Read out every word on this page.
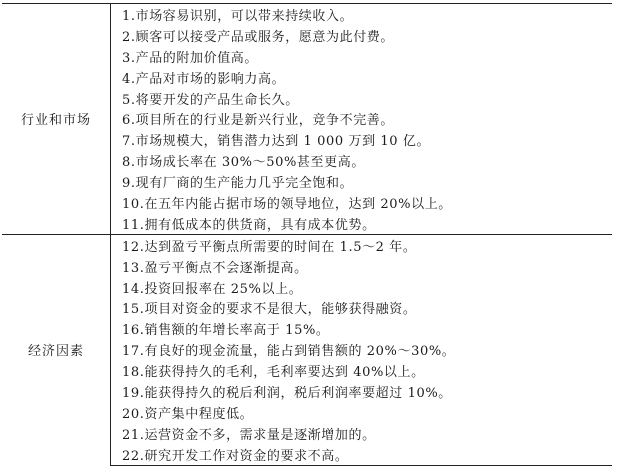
行业和市场	1.市场容易识别，可以带来持续收入。
	2.顾客可以接受产品或服务，愿意为此付费。
	3.产品的附加价值高。
	4.产品对市场的影响力高。
	5.将要开发的产品生命长久。
	6.项目所在的行业是新兴行业，竞争不完善。
	7.市场规模大，销售潜力达到 1 000 万到 10 亿。
	8.市场成长率在 30%～50%甚至更高。
	9.现有厂商的生产能力几乎完全饱和。
	10.在五年内能占据市场的领导地位，达到 20%以上。
	11.拥有低成本的供货商，具有成本优势。
经济因素	12.达到盈亏平衡点所需要的时间在 1.5～2 年。
	13.盈亏平衡点不会逐渐提高。
	14.投资回报率在 25%以上。
	15.项目对资金的要求不是很大，能够获得融资。
	16.销售额的年增长率高于 15%。
	17.有良好的现金流量，能占到销售额的 20%～30%。
	18.能获得持久的毛利，毛利率要达到 40%以上。
	19.能获得持久的税后利润，税后利润率要超过 10%。
	20.资产集中程度低。
	21.运营资金不多，需求量是逐渐增加的。
	22.研究开发工作对资金的要求不高。
